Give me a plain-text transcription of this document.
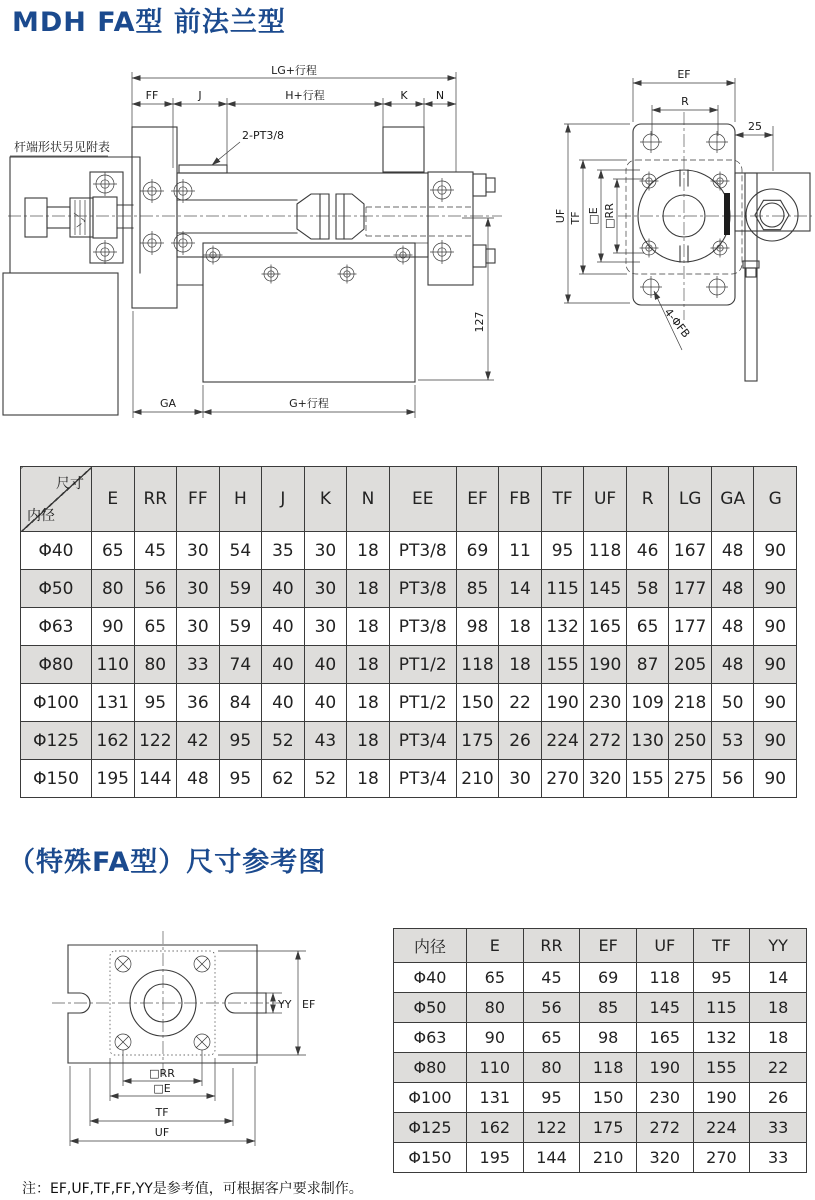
MDH FA型 前法兰型
LG+行程
FF	J	H+行程	K	N
2-PT3/8
杆端形状另见附表
GA	G+行程
127
EF
R
25
UF TF □E □RR
4-ΦFB
尺寸
内径	E	RR	FF	H	J	K	N	EE	EF	FB	TF	UF	R	LG	GA	G
Φ40	65	45	30	54	35	30	18	PT3/8	69	11	95	118	46	167	48	90
Φ50	80	56	30	59	40	30	18	PT3/8	85	14	115	145	58	177	48	90
Φ63	90	65	30	59	40	30	18	PT3/8	98	18	132	165	65	177	48	90
Φ80	110	80	33	74	40	40	18	PT1/2	118	18	155	190	87	205	48	90
Φ100	131	95	36	84	40	40	18	PT1/2	150	22	190	230	109	218	50	90
Φ125	162	122	42	95	52	43	18	PT3/4	175	26	224	272	130	250	53	90
Φ150	195	144	48	95	62	52	18	PT3/4	210	30	270	320	155	275	56	90
（特殊FA型）尺寸参考图
YY EF
□RR
□E
TF
UF
内径	E	RR	EF	UF	TF	YY
Φ40	65	45	69	118	95	14
Φ50	80	56	85	145	115	18
Φ63	90	65	98	165	132	18
Φ80	110	80	118	190	155	22
Φ100	131	95	150	230	190	26
Φ125	162	122	175	272	224	33
Φ150	195	144	210	320	270	33
注：EF,UF,TF,FF,YY是参考值，可根据客户要求制作。
